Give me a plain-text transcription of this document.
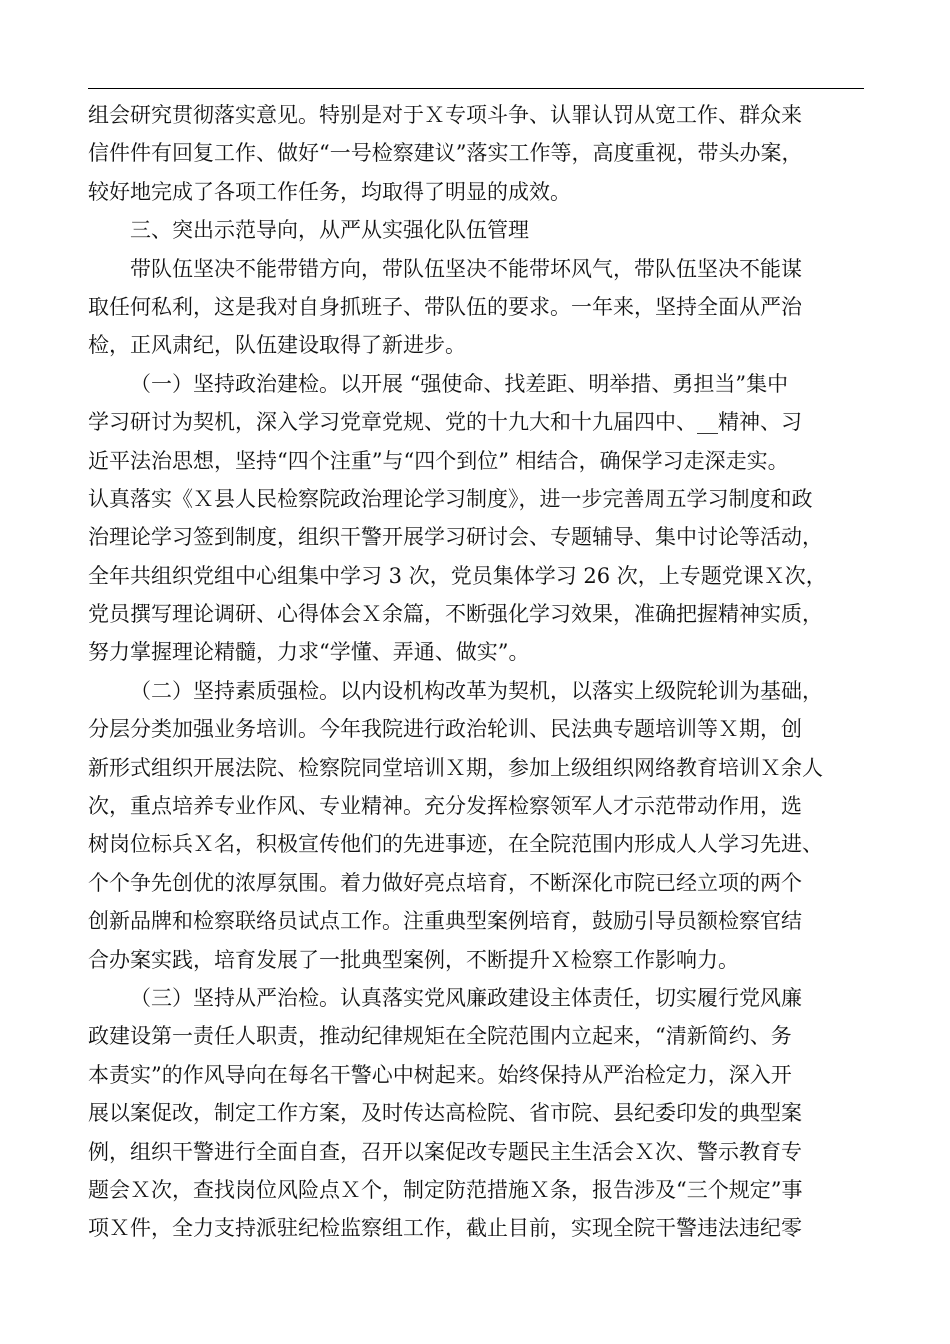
组会研究贯彻落实意见。特别是对于Ｘ专项斗争、认罪认罚从宽工作、群众来
信件件有回复工作、做好“一号检察建议”落实工作等，高度重视，带头办案，
较好地完成了各项工作任务，均取得了明显的成效。
三、突出示范导向，从严从实强化队伍管理
带队伍坚决不能带错方向，带队伍坚决不能带坏风气，带队伍坚决不能谋
取任何私利，这是我对自身抓班子、带队伍的要求。一年来，坚持全面从严治
检，正风肃纪，队伍建设取得了新进步。
（一）坚持政治建检。以开展 “强使命、找差距、明举措、勇担当”集中
学习研讨为契机，深入学习党章党规、党的十九大和十九届四中、__精神、习
近平法治思想，坚持“四个注重”与“四个到位” 相结合，确保学习走深走实。
认真落实《Ｘ县人民检察院政治理论学习制度》，进一步完善周五学习制度和政
治理论学习签到制度，组织干警开展学习研讨会、专题辅导、集中讨论等活动，
全年共组织党组中心组集中学习 3 次，党员集体学习 26 次，上专题党课Ｘ次，
党员撰写理论调研、心得体会Ｘ余篇，不断强化学习效果，准确把握精神实质，
努力掌握理论精髓，力求“学懂、弄通、做实”。
（二）坚持素质强检。以内设机构改革为契机，以落实上级院轮训为基础，
分层分类加强业务培训。今年我院进行政治轮训、民法典专题培训等Ｘ期，创
新形式组织开展法院、检察院同堂培训Ｘ期，参加上级组织网络教育培训Ｘ余人
次，重点培养专业作风、专业精神。充分发挥检察领军人才示范带动作用，选
树岗位标兵Ｘ名，积极宣传他们的先进事迹，在全院范围内形成人人学习先进、
个个争先创优的浓厚氛围。着力做好亮点培育，不断深化市院已经立项的两个
创新品牌和检察联络员试点工作。注重典型案例培育，鼓励引导员额检察官结
合办案实践，培育发展了一批典型案例，不断提升Ｘ检察工作影响力。
（三）坚持从严治检。认真落实党风廉政建设主体责任，切实履行党风廉
政建设第一责任人职责，推动纪律规矩在全院范围内立起来，“清新简约、务
本责实”的作风导向在每名干警心中树起来。始终保持从严治检定力，深入开
展以案促改，制定工作方案，及时传达高检院、省市院、县纪委印发的典型案
例，组织干警进行全面自查，召开以案促改专题民主生活会Ｘ次、警示教育专
题会Ｘ次，查找岗位风险点Ｘ个，制定防范措施Ｘ条，报告涉及“三个规定”事
项Ｘ件，全力支持派驻纪检监察组工作，截止目前，实现全院干警违法违纪零
